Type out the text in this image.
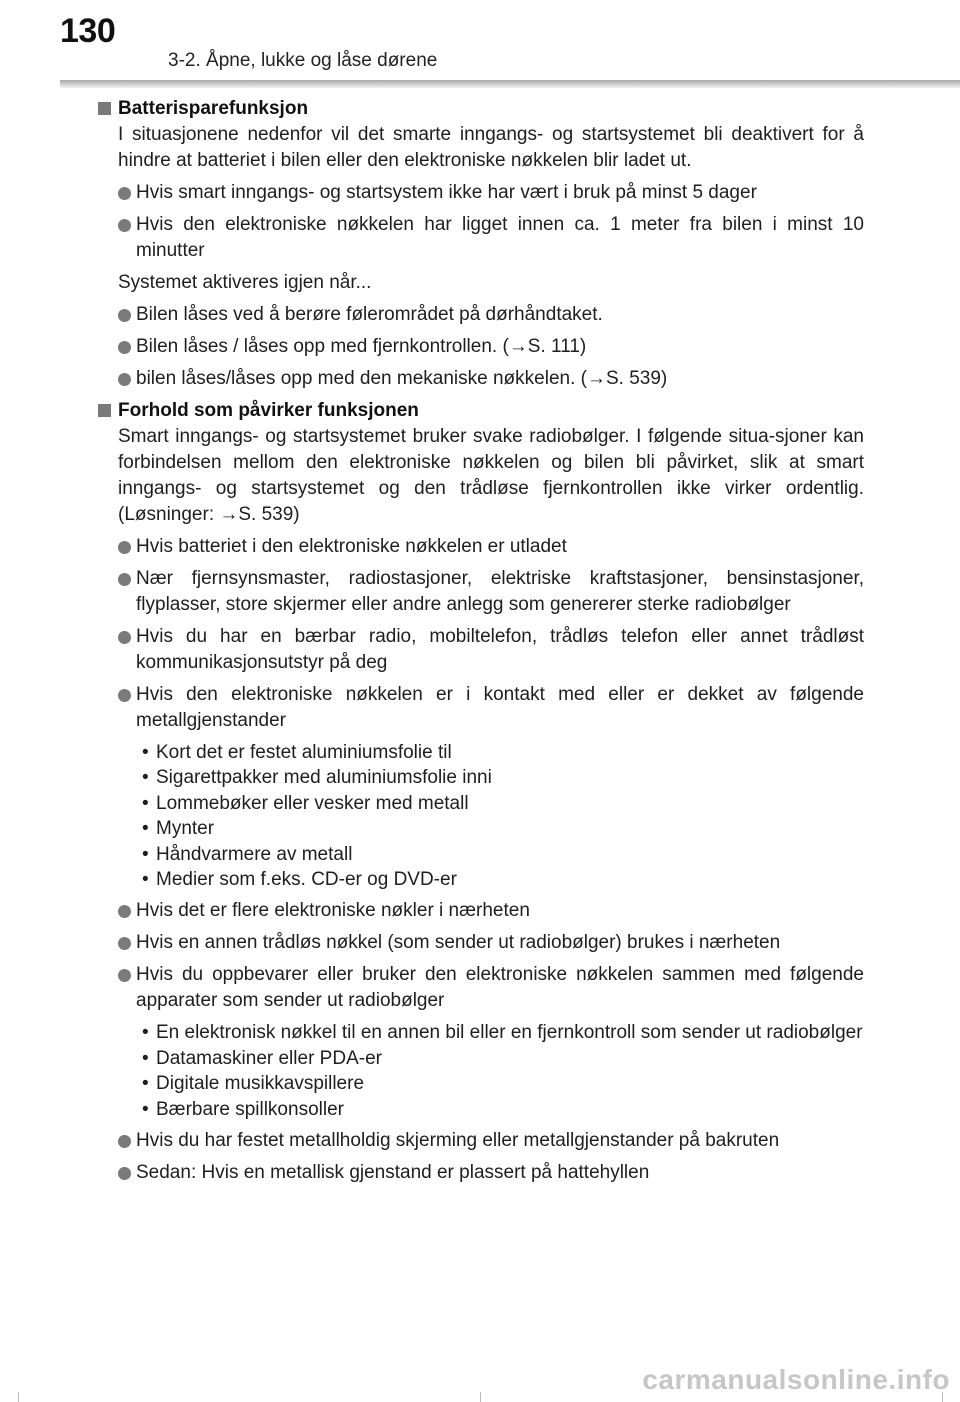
130
3-2. Åpne, lukke og låse dørene
Batterisparefunksjon

I situasjonene nedenfor vil det smarte inngangs- og startsystemet bli deaktivert for å hindre at batteriet i bilen eller den elektroniske nøkkelen blir ladet ut.

Hvis smart inngangs- og startsystem ikke har vært i bruk på minst 5 dager
Hvis den elektroniske nøkkelen har ligget innen ca. 1 meter fra bilen i minst 10 minutter

Systemet aktiveres igjen når...

Bilen låses ved å berøre følerområdet på dørhåndtaket.
Bilen låses / låses opp med fjernkontrollen. (→S. 111)
bilen låses/låses opp med den mekaniske nøkkelen. (→S. 539)
Forhold som påvirker funksjonen

Smart inngangs- og startsystemet bruker svake radiobølger. I følgende situa-sjoner kan forbindelsen mellom den elektroniske nøkkelen og bilen bli påvirket, slik at smart inngangs- og startsystemet og den trådløse fjernkontrollen ikke virker ordentlig. (Løsninger: →S. 539)

Hvis batteriet i den elektroniske nøkkelen er utladet
Nær fjernsynsmaster, radiostasjoner, elektriske kraftstasjoner, bensinstasjoner, flyplasser, store skjermer eller andre anlegg som genererer sterke radiobølger
Hvis du har en bærbar radio, mobiltelefon, trådløs telefon eller annet trådløst kommunikasjonsutstyr på deg
Hvis den elektroniske nøkkelen er i kontakt med eller er dekket av følgende metallgjenstander
• Kort det er festet aluminiumsfolie til
• Sigarettpakker med aluminiumsfolie inni
• Lommebøker eller vesker med metall
• Mynter
• Håndvarmere av metall
• Medier som f.eks. CD-er og DVD-er
Hvis det er flere elektroniske nøkler i nærheten
Hvis en annen trådløs nøkkel (som sender ut radiobølger) brukes i nærheten
Hvis du oppbevarer eller bruker den elektroniske nøkkelen sammen med følgende apparater som sender ut radiobølger
• En elektronisk nøkkel til en annen bil eller en fjernkontroll som sender ut radiobølger
• Datamaskiner eller PDA-er
• Digitale musikkavspillere
• Bærbare spillkonsoller
Hvis du har festet metallholdig skjerming eller metallgjenstander på bakruten
Sedan: Hvis en metallisk gjenstand er plassert på hattehyllen
carmanualsonline.info
